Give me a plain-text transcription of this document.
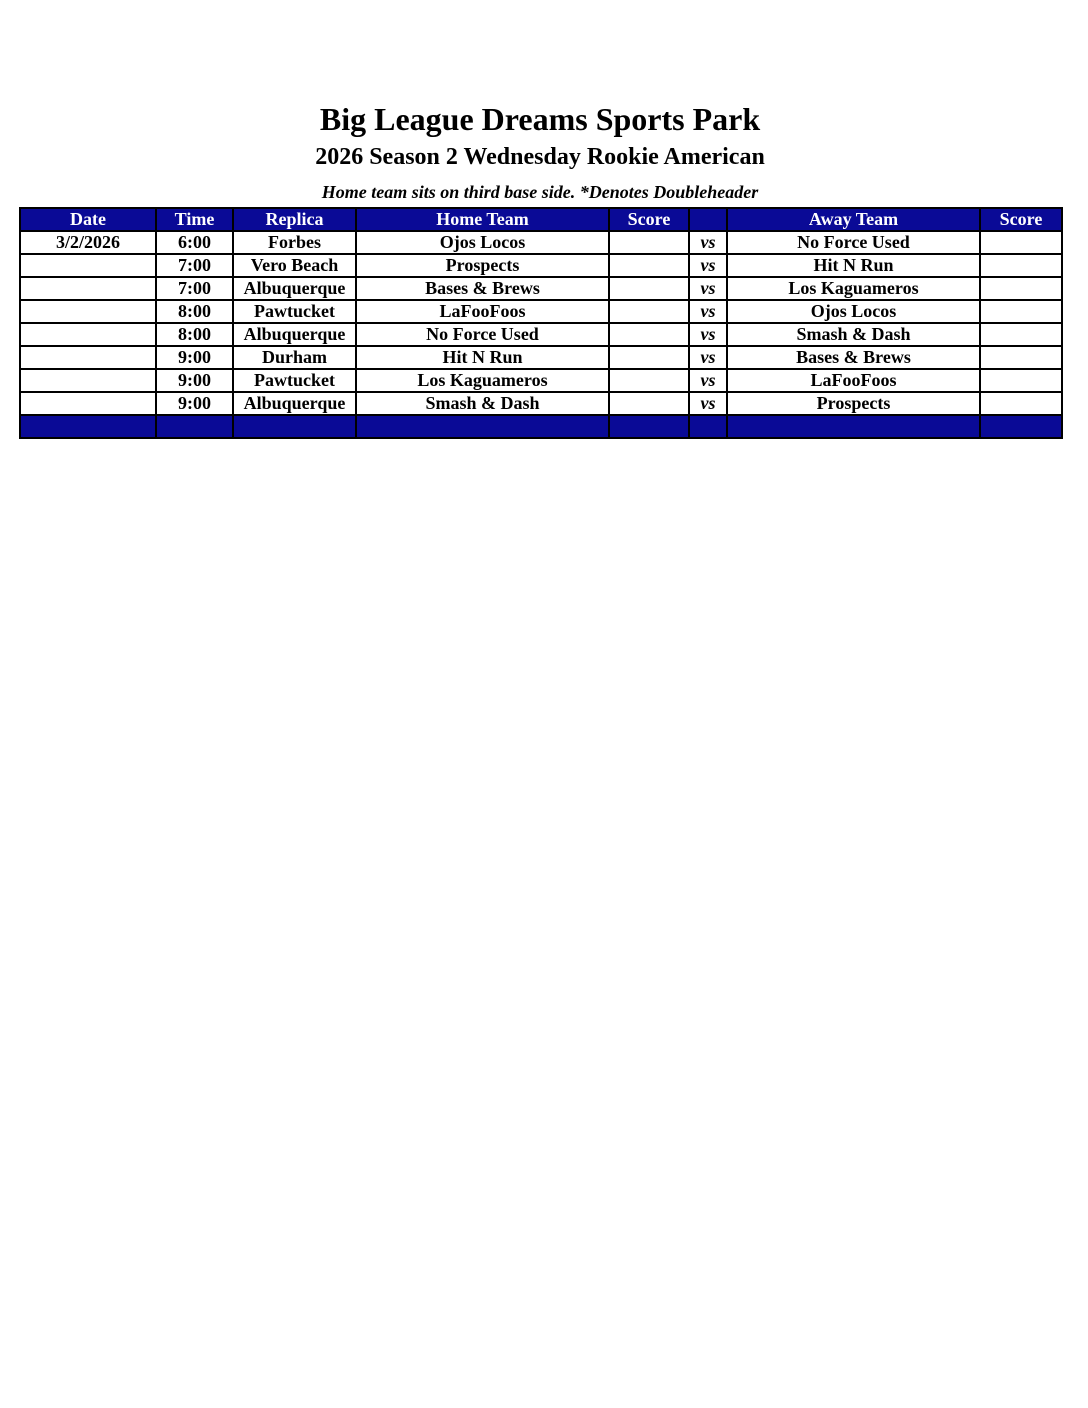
Big League Dreams Sports Park
2026 Season 2 Wednesday Rookie American
Home team sits on third base side. *Denotes Doubleheader
Date	Time	Replica	Home Team	Score		Away Team	Score
3/2/2026	6:00	Forbes	Ojos Locos		vs	No Force Used	
	7:00	Vero Beach	Prospects		vs	Hit N Run	
	7:00	Albuquerque	Bases & Brews		vs	Los Kaguameros	
	8:00	Pawtucket	LaFooFoos		vs	Ojos Locos	
	8:00	Albuquerque	No Force Used		vs	Smash & Dash	
	9:00	Durham	Hit N Run		vs	Bases & Brews	
	9:00	Pawtucket	Los Kaguameros		vs	LaFooFoos	
	9:00	Albuquerque	Smash & Dash		vs	Prospects	
